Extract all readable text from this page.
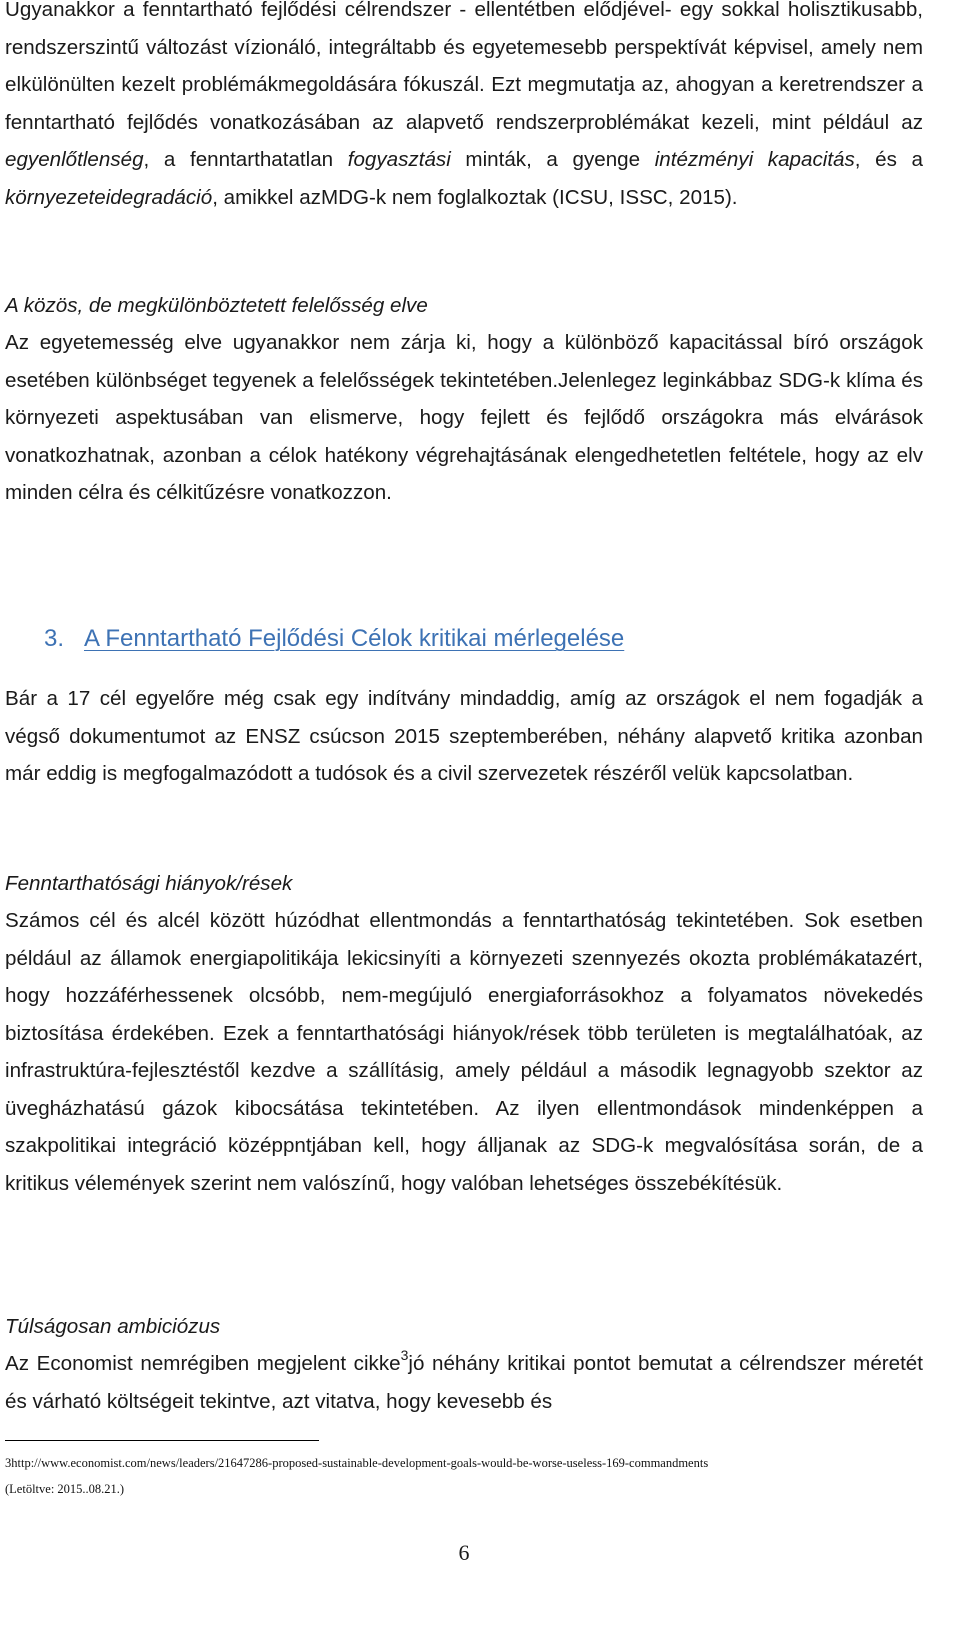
Ugyanakkor a fenntartható fejlődési célrendszer - ellentétben elődjével- egy sokkal holisztikusabb, rendszerszintű változást vízionáló, integráltabb és egyetemesebb perspektívát képvisel, amely nem elkülönülten kezelt problémákmegoldására fókuszál. Ezt megmutatja az, ahogyan a keretrendszer a fenntartható fejlődés vonatkozásában az alapvető rendszerproblémákat kezeli, mint például az egyenlőtlenség, a fenntarthatatlan fogyasztási minták, a gyenge intézményi kapacitás, és a környezeteidegradáció, amikkel azMDG-k nem foglalkoztak (ICSU, ISSC, 2015).

A közös, de megkülönböztetett felelősség elve

Az egyetemesség elve ugyanakkor nem zárja ki, hogy a különböző kapacitással bíró országok esetében különbséget tegyenek a felelősségek tekintetében.Jelenlegez leginkábbaz SDG-k klíma és környezeti aspektusában van elismerve, hogy fejlett és fejlődő országokra más elvárások vonatkozhatnak, azonban a célok hatékony végrehajtásának elengedhetetlen feltétele, hogy az elv minden célra és célkitűzésre vonatkozzon.

3. A Fenntartható Fejlődési Célok kritikai mérlegelése

Bár a 17 cél egyelőre még csak egy indítvány mindaddig, amíg az országok el nem fogadják a végső dokumentumot az ENSZ csúcson 2015 szeptemberében, néhány alapvető kritika azonban már eddig is megfogalmazódott a tudósok és a civil szervezetek részéről velük kapcsolatban.

Fenntarthatósági hiányok/rések

Számos cél és alcél között húzódhat ellentmondás a fenntarthatóság tekintetében. Sok esetben például az államok energiapolitikája lekicsinyíti a környezeti szennyezés okozta problémákatazért, hogy hozzáférhessenek olcsóbb, nem-megújuló energiaforrásokhoz a folyamatos növekedés biztosítása érdekében. Ezek a fenntarthatósági hiányok/rések több területen is megtalálhatóak, az infrastruktúra-fejlesztéstől kezdve a szállításig, amely például a második legnagyobb szektor az üvegházhatású gázok kibocsátása tekintetében. Az ilyen ellentmondások mindenképpen a szakpolitikai integráció középpntjában kell, hogy álljanak az SDG-k megvalósítása során, de a kritikus vélemények szerint nem valószínű, hogy valóban lehetséges összebékítésük.

Túlságosan ambiciózus

Az Economist nemrégiben megjelent cikke$^3$jó néhány kritikai pontot bemutat a célrendszer méretét és várható költségeit tekintve, azt vitatva, hogy kevesebb és

3http://www.economist.com/news/leaders/21647286-proposed-sustainable-development-goals-would-be-worse-useless-169-commandments

(Letöltve: 2015..08.21.)

6
